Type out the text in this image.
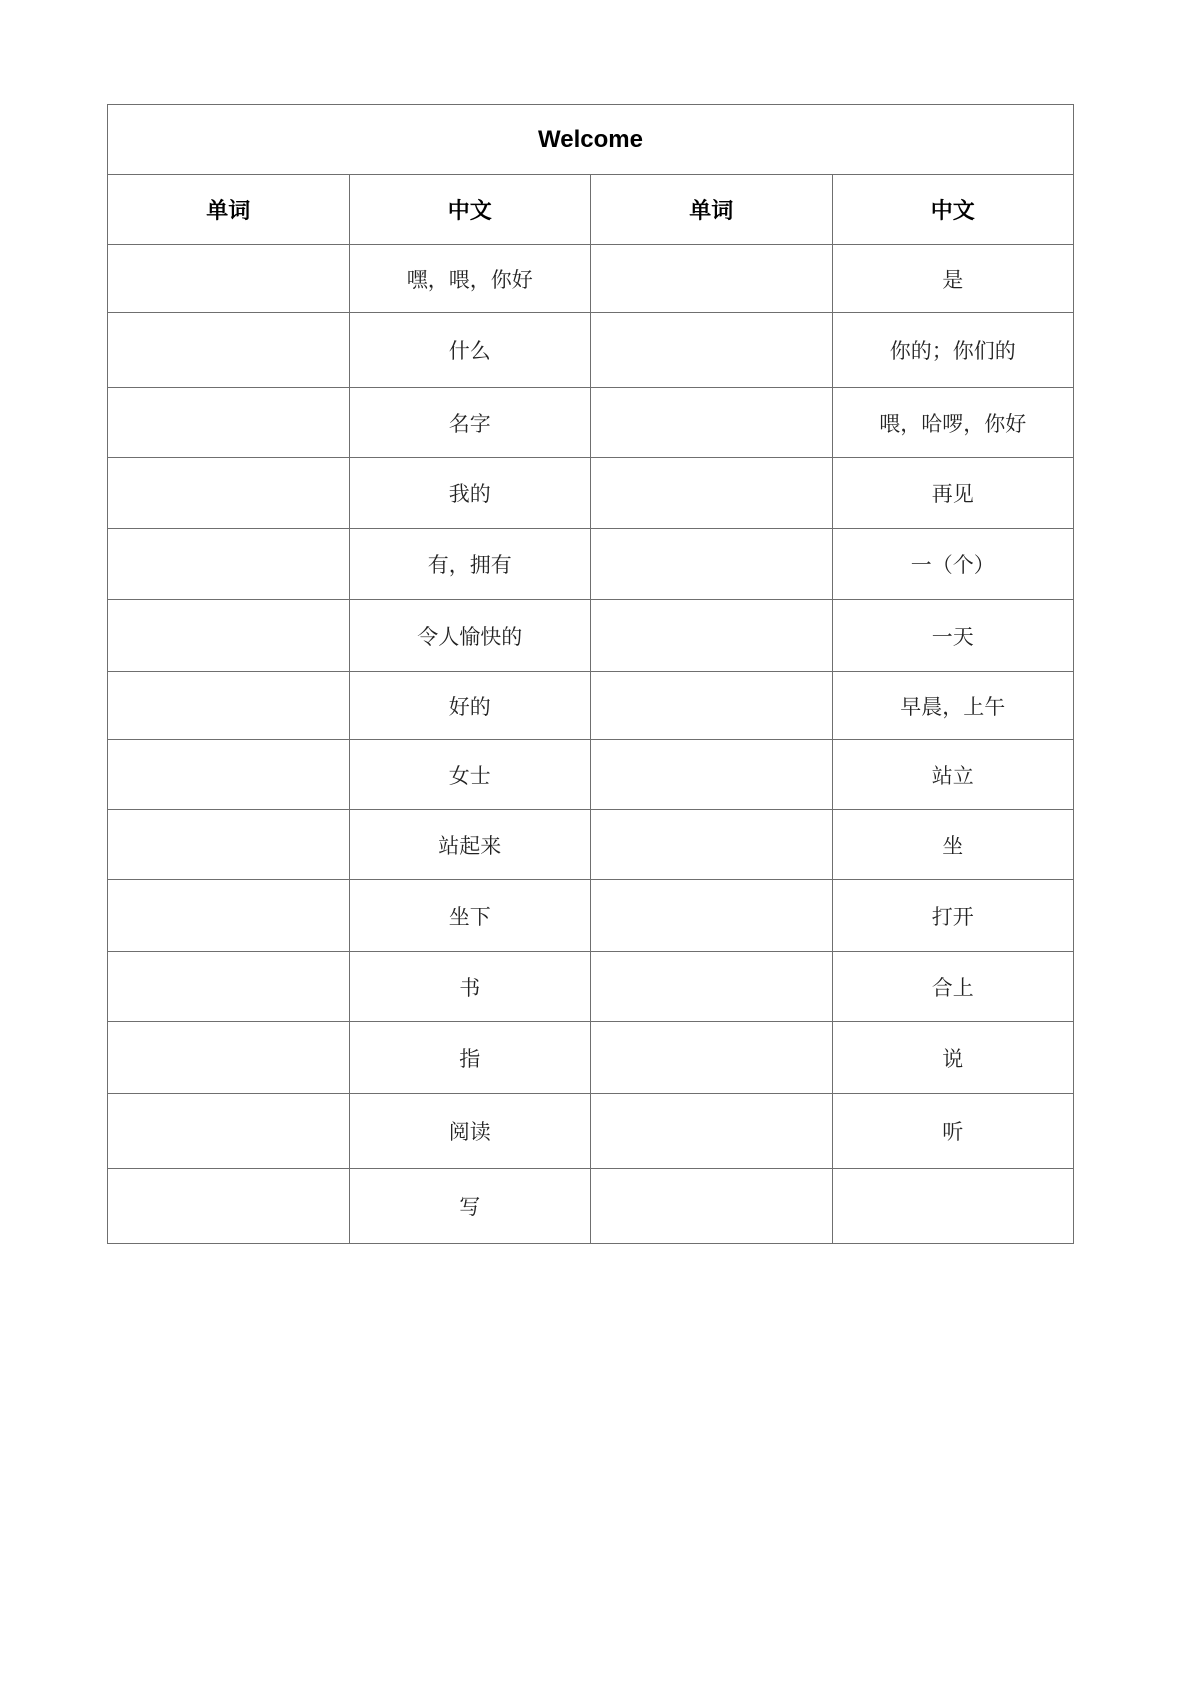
Welcome			
单词	中文	单词	中文
	嘿，喂，你好		是
	什么		你的；你们的
	名字		喂，哈啰，你好
	我的		再见
	有，拥有		一（个）
	令人愉快的		一天
	好的		早晨，上午
	女士		站立
	站起来		坐
	坐下		打开
	书		合上
	指		说
	阅读		听
	写		
